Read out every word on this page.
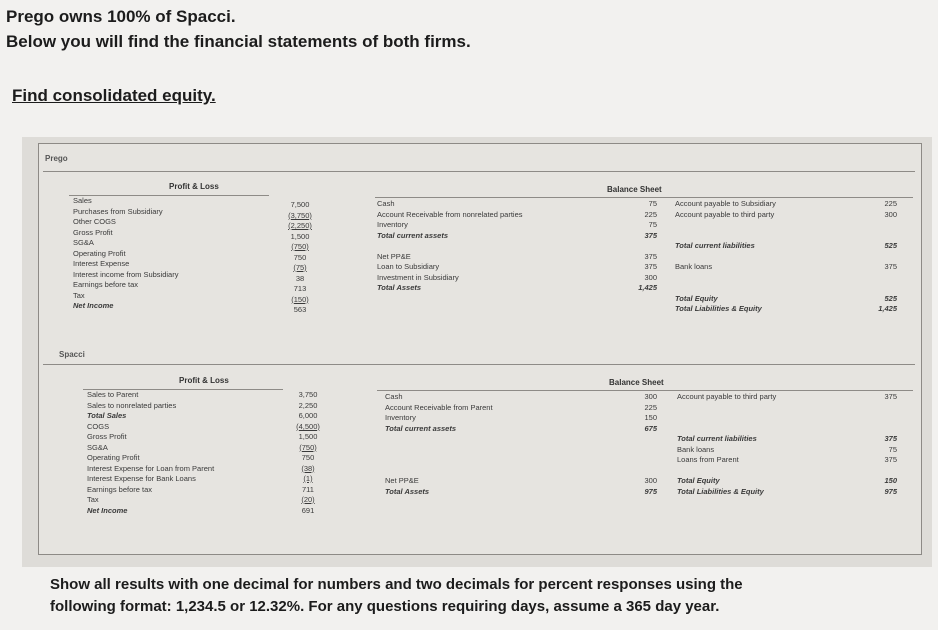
Prego owns 100% of Spacci.
Below you will find the financial statements of both firms.
Find consolidated equity.
Prego
Profit & Loss
Sales
Purchases from Subsidiary
Other COGS
Gross Profit
SG&A
Operating Profit
Interest Expense
Interest income from Subsidiary
Earnings before tax
Tax
Net Income
7,500
(3,750)
(2,250)
1,500
(750)
750
(75)
38
713
(150)
563
Balance Sheet
Cash
Account Receivable from nonrelated parties
Inventory
Total current assets

Net PP&E
Loan to Subsidiary
Investment in Subsidiary
Total Assets
75
225
75
375

375
375
300
1,425
Account payable to Subsidiary
Account payable to third party

Total current liabilities

Bank loans

Total Equity
Total Liabilities & Equity
225
300

525

375

525
1,425
Spacci
Profit & Loss
Sales to Parent
Sales to nonrelated parties
Total Sales
COGS
Gross Profit
SG&A
Operating Profit
Interest Expense for Loan from Parent
Interest Expense for Bank Loans
Earnings before tax
Tax
Net Income
3,750
2,250
6,000
(4,500)
1,500
(750)
750
(38)
(1)
711
(20)
691
Balance Sheet
Cash
Account Receivable from Parent
Inventory
Total current assets

Net PP&E
Total Assets
300
225
150
675

300
975
Account payable to third party

Total current liabilities
Bank loans
Loans from Parent

Total Equity
Total Liabilities & Equity
375

375
75
375

150
975
Show all results with one decimal for numbers and two decimals for percent responses using the
following format: 1,234.5 or 12.32%. For any questions requiring days, assume a 365 day year.
